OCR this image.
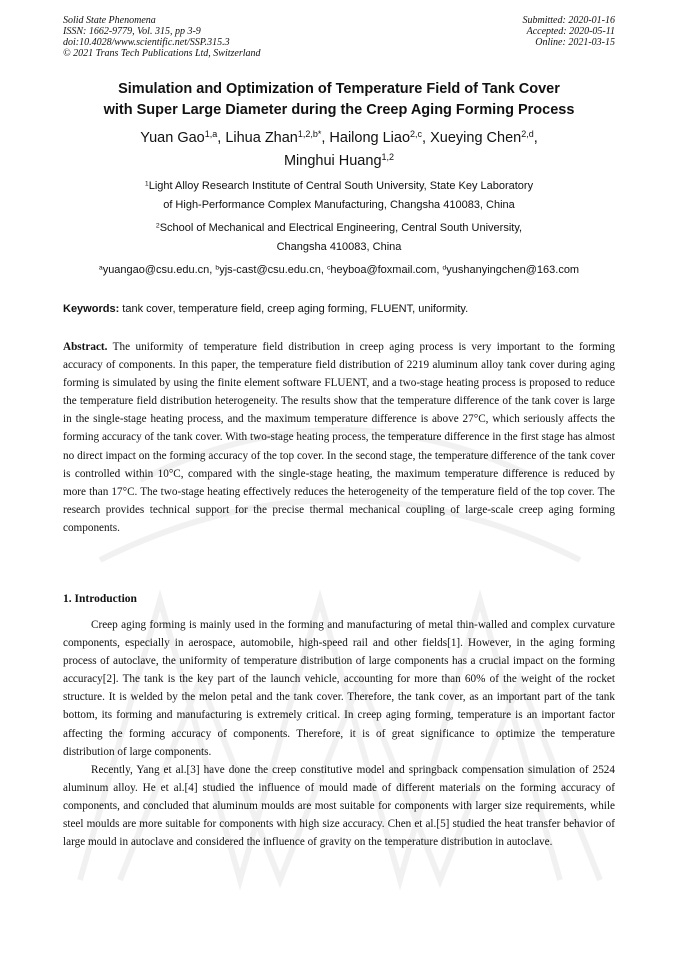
Solid State Phenomena
ISSN: 1662-9779, Vol. 315, pp 3-9
doi:10.4028/www.scientific.net/SSP.315.3
© 2021 Trans Tech Publications Ltd, Switzerland
Submitted: 2020-01-16
Accepted: 2020-05-11
Online: 2021-03-15
Simulation and Optimization of Temperature Field of Tank Cover
with Super Large Diameter during the Creep Aging Forming Process
Yuan Gao$^{1,a}$, Lihua Zhan$^{1,2,b*}$, Hailong Liao$^{2,c}$, Xueying Chen$^{2,d}$,
Minghui Huang$^{1,2}$
$^1$Light Alloy Research Institute of Central South University, State Key Laboratory
of High-Performance Complex Manufacturing, Changsha 410083, China
$^2$School of Mechanical and Electrical Engineering, Central South University,
Changsha 410083, China
$^a$yuangao@csu.edu.cn, $^b$yjs-cast@csu.edu.cn, $^c$heyboa@foxmail.com, $^d$yushanyingchen@163.com
Keywords: tank cover, temperature field, creep aging forming, FLUENT, uniformity.
Abstract. The uniformity of temperature field distribution in creep aging process is very important to the forming accuracy of components. In this paper, the temperature field distribution of 2219 aluminum alloy tank cover during aging forming is simulated by using the finite element software FLUENT, and a two-stage heating process is proposed to reduce the temperature field distribution heterogeneity. The results show that the temperature difference of the tank cover is large in the single-stage heating process, and the maximum temperature difference is above 27°C, which seriously affects the forming accuracy of the tank cover. With two-stage heating process, the temperature difference in the first stage has almost no direct impact on the forming accuracy of the top cover. In the second stage, the temperature difference of the tank cover is controlled within 10°C, compared with the single-stage heating, the maximum temperature difference is reduced by more than 17°C. The two-stage heating effectively reduces the heterogeneity of the temperature field of the top cover. The research provides technical support for the precise thermal mechanical coupling of large-scale creep aging forming components.
1. Introduction

Creep aging forming is mainly used in the forming and manufacturing of metal thin-walled and complex curvature components, especially in aerospace, automobile, high-speed rail and other fields[1]. However, in the aging forming process of autoclave, the uniformity of temperature distribution of large components has a crucial impact on the forming accuracy[2]. The tank is the key part of the launch vehicle, accounting for more than 60% of the weight of the rocket structure. It is welded by the melon petal and the tank cover. Therefore, the tank cover, as an important part of the tank bottom, its forming and manufacturing is extremely critical. In creep aging forming, temperature is an important factor affecting the forming accuracy of components. Therefore, it is of great significance to optimize the temperature distribution of large components.

Recently, Yang et al.[3] have done the creep constitutive model and springback compensation simulation of 2524 aluminum alloy. He et al.[4] studied the influence of mould made of different materials on the forming accuracy of components, and concluded that aluminum moulds are most suitable for components with larger size requirements, while steel moulds are more suitable for components with high size accuracy. Chen et al.[5] studied the heat transfer behavior of large mould in autoclave and considered the influence of gravity on the temperature distribution in autoclave.
